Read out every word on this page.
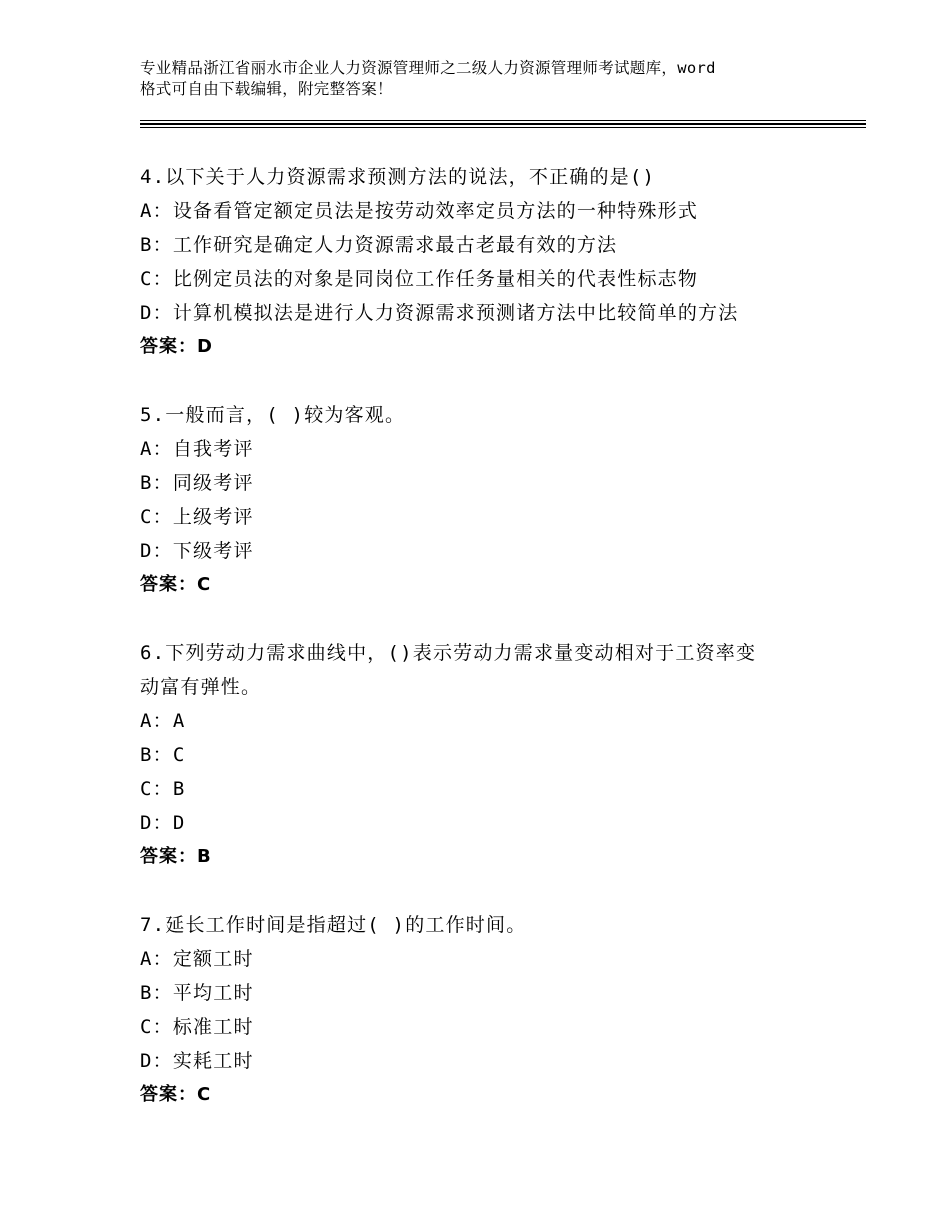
专业精品浙江省丽水市企业人力资源管理师之二级人力资源管理师考试题库，word
格式可自由下载编辑，附完整答案！
4.以下关于人力资源需求预测方法的说法，不正确的是()
A：设备看管定额定员法是按劳动效率定员方法的一种特殊形式
B：工作研究是确定人力资源需求最古老最有效的方法
C：比例定员法的对象是同岗位工作任务量相关的代表性标志物
D：计算机模拟法是进行人力资源需求预测诸方法中比较简单的方法
答案：D
5.一般而言，( )较为客观。
A：自我考评
B：同级考评
C：上级考评
D：下级考评
答案：C
6.下列劳动力需求曲线中，()表示劳动力需求量变动相对于工资率变
动富有弹性。
A：A
B：C
C：B
D：D
答案：B
7.延长工作时间是指超过( )的工作时间。
A：定额工时
B：平均工时
C：标准工时
D：实耗工时
答案：C
